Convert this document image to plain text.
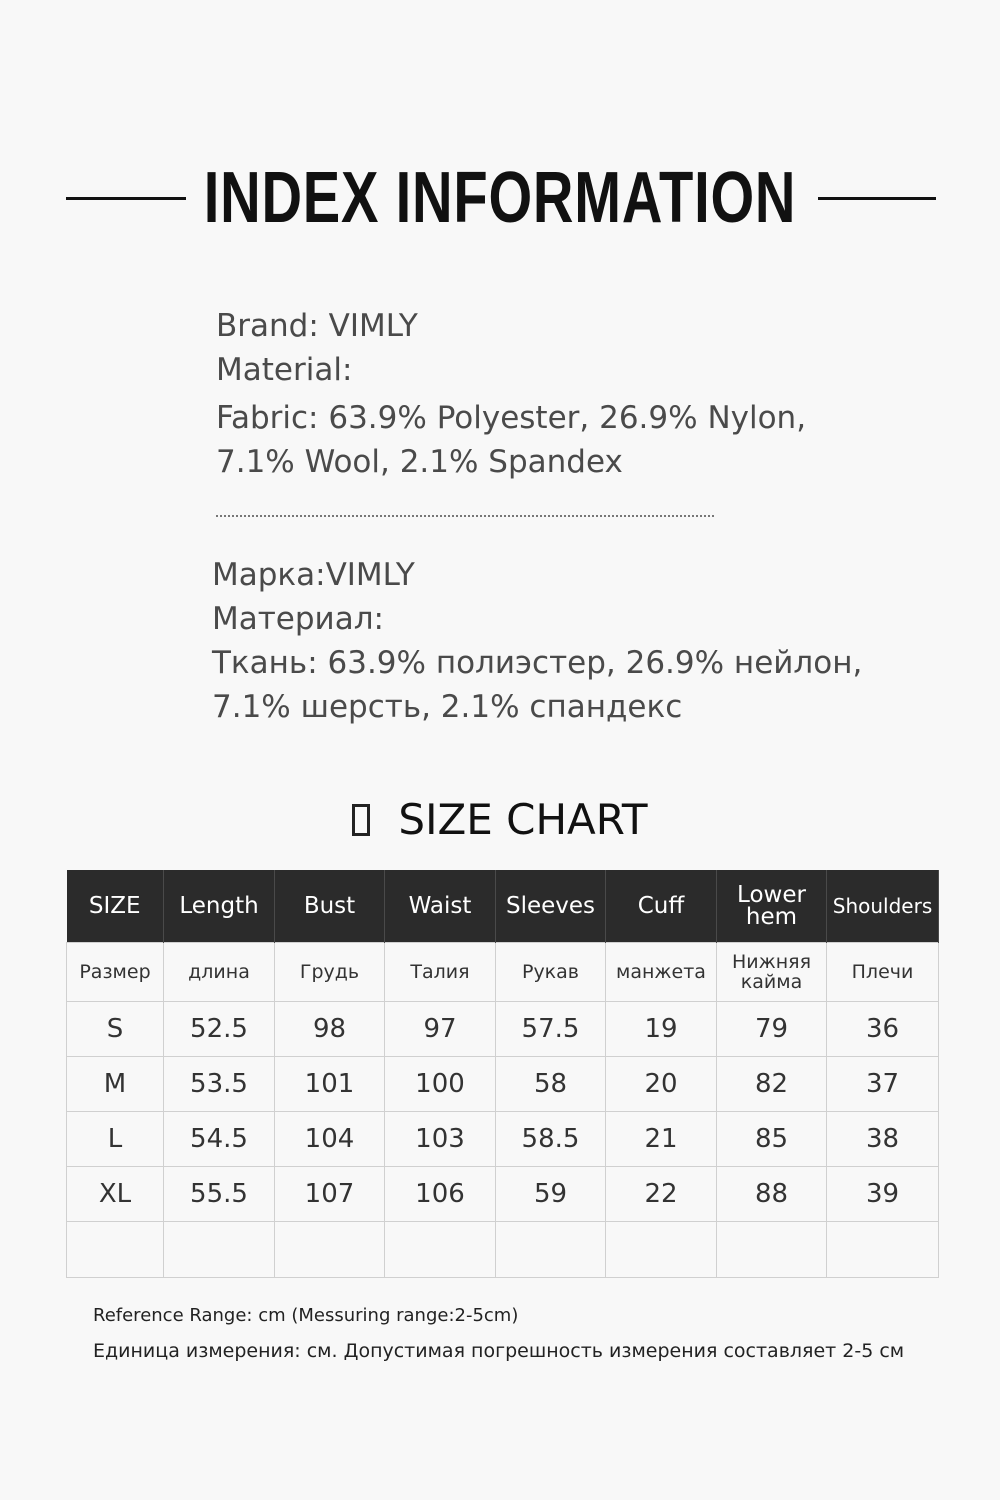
INDEX INFORMATION
Brand: VIMLY
Material:
Fabric: 63.9% Polyester, 26.9% Nylon,
7.1% Wool, 2.1% Spandex
Марка:VIMLY
Материал:
Ткань: 63.9% полиэстер, 26.9% нейлон,
7.1% шерсть, 2.1% спандекс
SIZE CHART
SIZE	Length	Bust	Waist	Sleeves	Cuff	Lower hem	Shoulders
Размер	длина	Грудь	Талия	Рукав	манжета	Нижняя кайма	Плечи
S	52.5	98	97	57.5	19	79	36
M	53.5	101	100	58	20	82	37
L	54.5	104	103	58.5	21	85	38
XL	55.5	107	106	59	22	88	39

Reference Range: cm (Messuring range:2-5cm)
Единица измерения: см. Допустимая погрешность измерения составляет 2-5 см
